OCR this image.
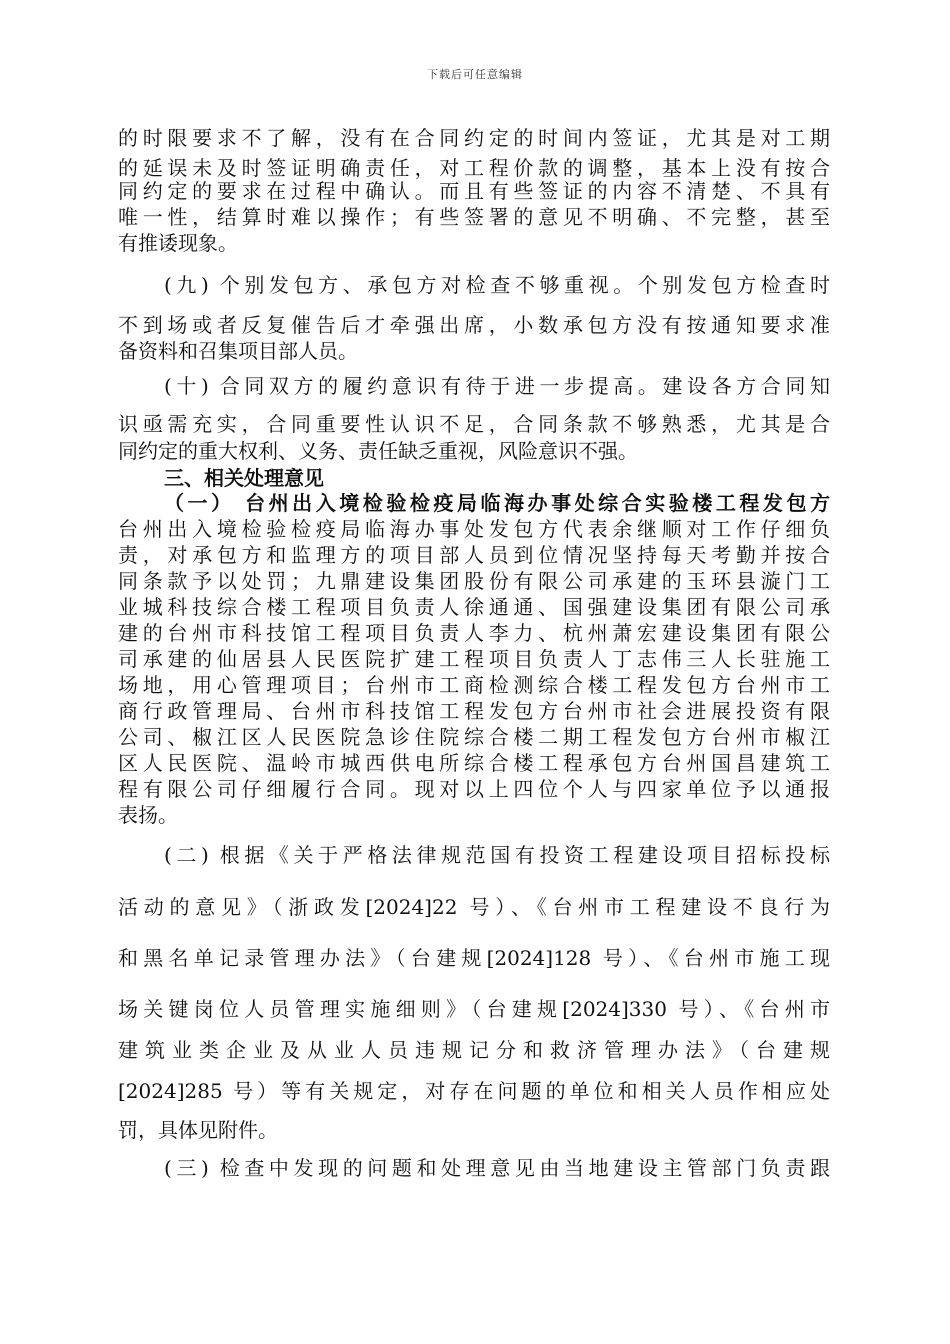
下载后可任意编辑

的时限要求不了解，没有在合同约定的时间内签证，尤其是对工期

的延误未及时签证明确责任，对工程价款的调整，基本上没有按合

同约定的要求在过程中确认。而且有些签证的内容不清楚、不具有

唯一性，结算时难以操作；有些签署的意见不明确、不完整，甚至

有推诿现象。

(九) 个别发包方、承包方对检查不够重视。个别发包方检查时

不到场或者反复催告后才牵强出席，小数承包方没有按通知要求准

备资料和召集项目部人员。

(十) 合同双方的履约意识有待于进一步提高。建设各方合同知

识亟需充实，合同重要性认识不足，合同条款不够熟悉，尤其是合

同约定的重大权利、义务、责任缺乏重视，风险意识不强。

三、相关处理意见

（一） 台州出入境检验检疫局临海办事处综合实验楼工程发包方

台州出入境检验检疫局临海办事处发包方代表余继顺对工作仔细负

责，对承包方和监理方的项目部人员到位情况坚持每天考勤并按合

同条款予以处罚；九鼎建设集团股份有限公司承建的玉环县漩门工

业城科技综合楼工程项目负责人徐通通、国强建设集团有限公司承

建的台州市科技馆工程项目负责人李力、杭州萧宏建设集团有限公

司承建的仙居县人民医院扩建工程项目负责人丁志伟三人长驻施工

场地，用心管理项目；台州市工商检测综合楼工程发包方台州市工

商行政管理局、台州市科技馆工程发包方台州市社会进展投资有限

公司、椒江区人民医院急诊住院综合楼二期工程发包方台州市椒江

区人民医院、温岭市城西供电所综合楼工程承包方台州国昌建筑工

程有限公司仔细履行合同。现对以上四位个人与四家单位予以通报

表扬。

(二) 根据《关于严格法律规范国有投资工程建设项目招标投标

活动的意见》（浙政发[2024]22 号）、《台州市工程建设不良行为

和黑名单记录管理办法》（台建规[2024]128 号）、《台州市施工现

场关键岗位人员管理实施细则》（台建规[2024]330 号）、《台州市

建筑业类企业及从业人员违规记分和救济管理办法》（台建规

[2024]285 号）等有关规定，对存在问题的单位和相关人员作相应处

罚，具体见附件。

(三) 检查中发现的问题和处理意见由当地建设主管部门负责跟
